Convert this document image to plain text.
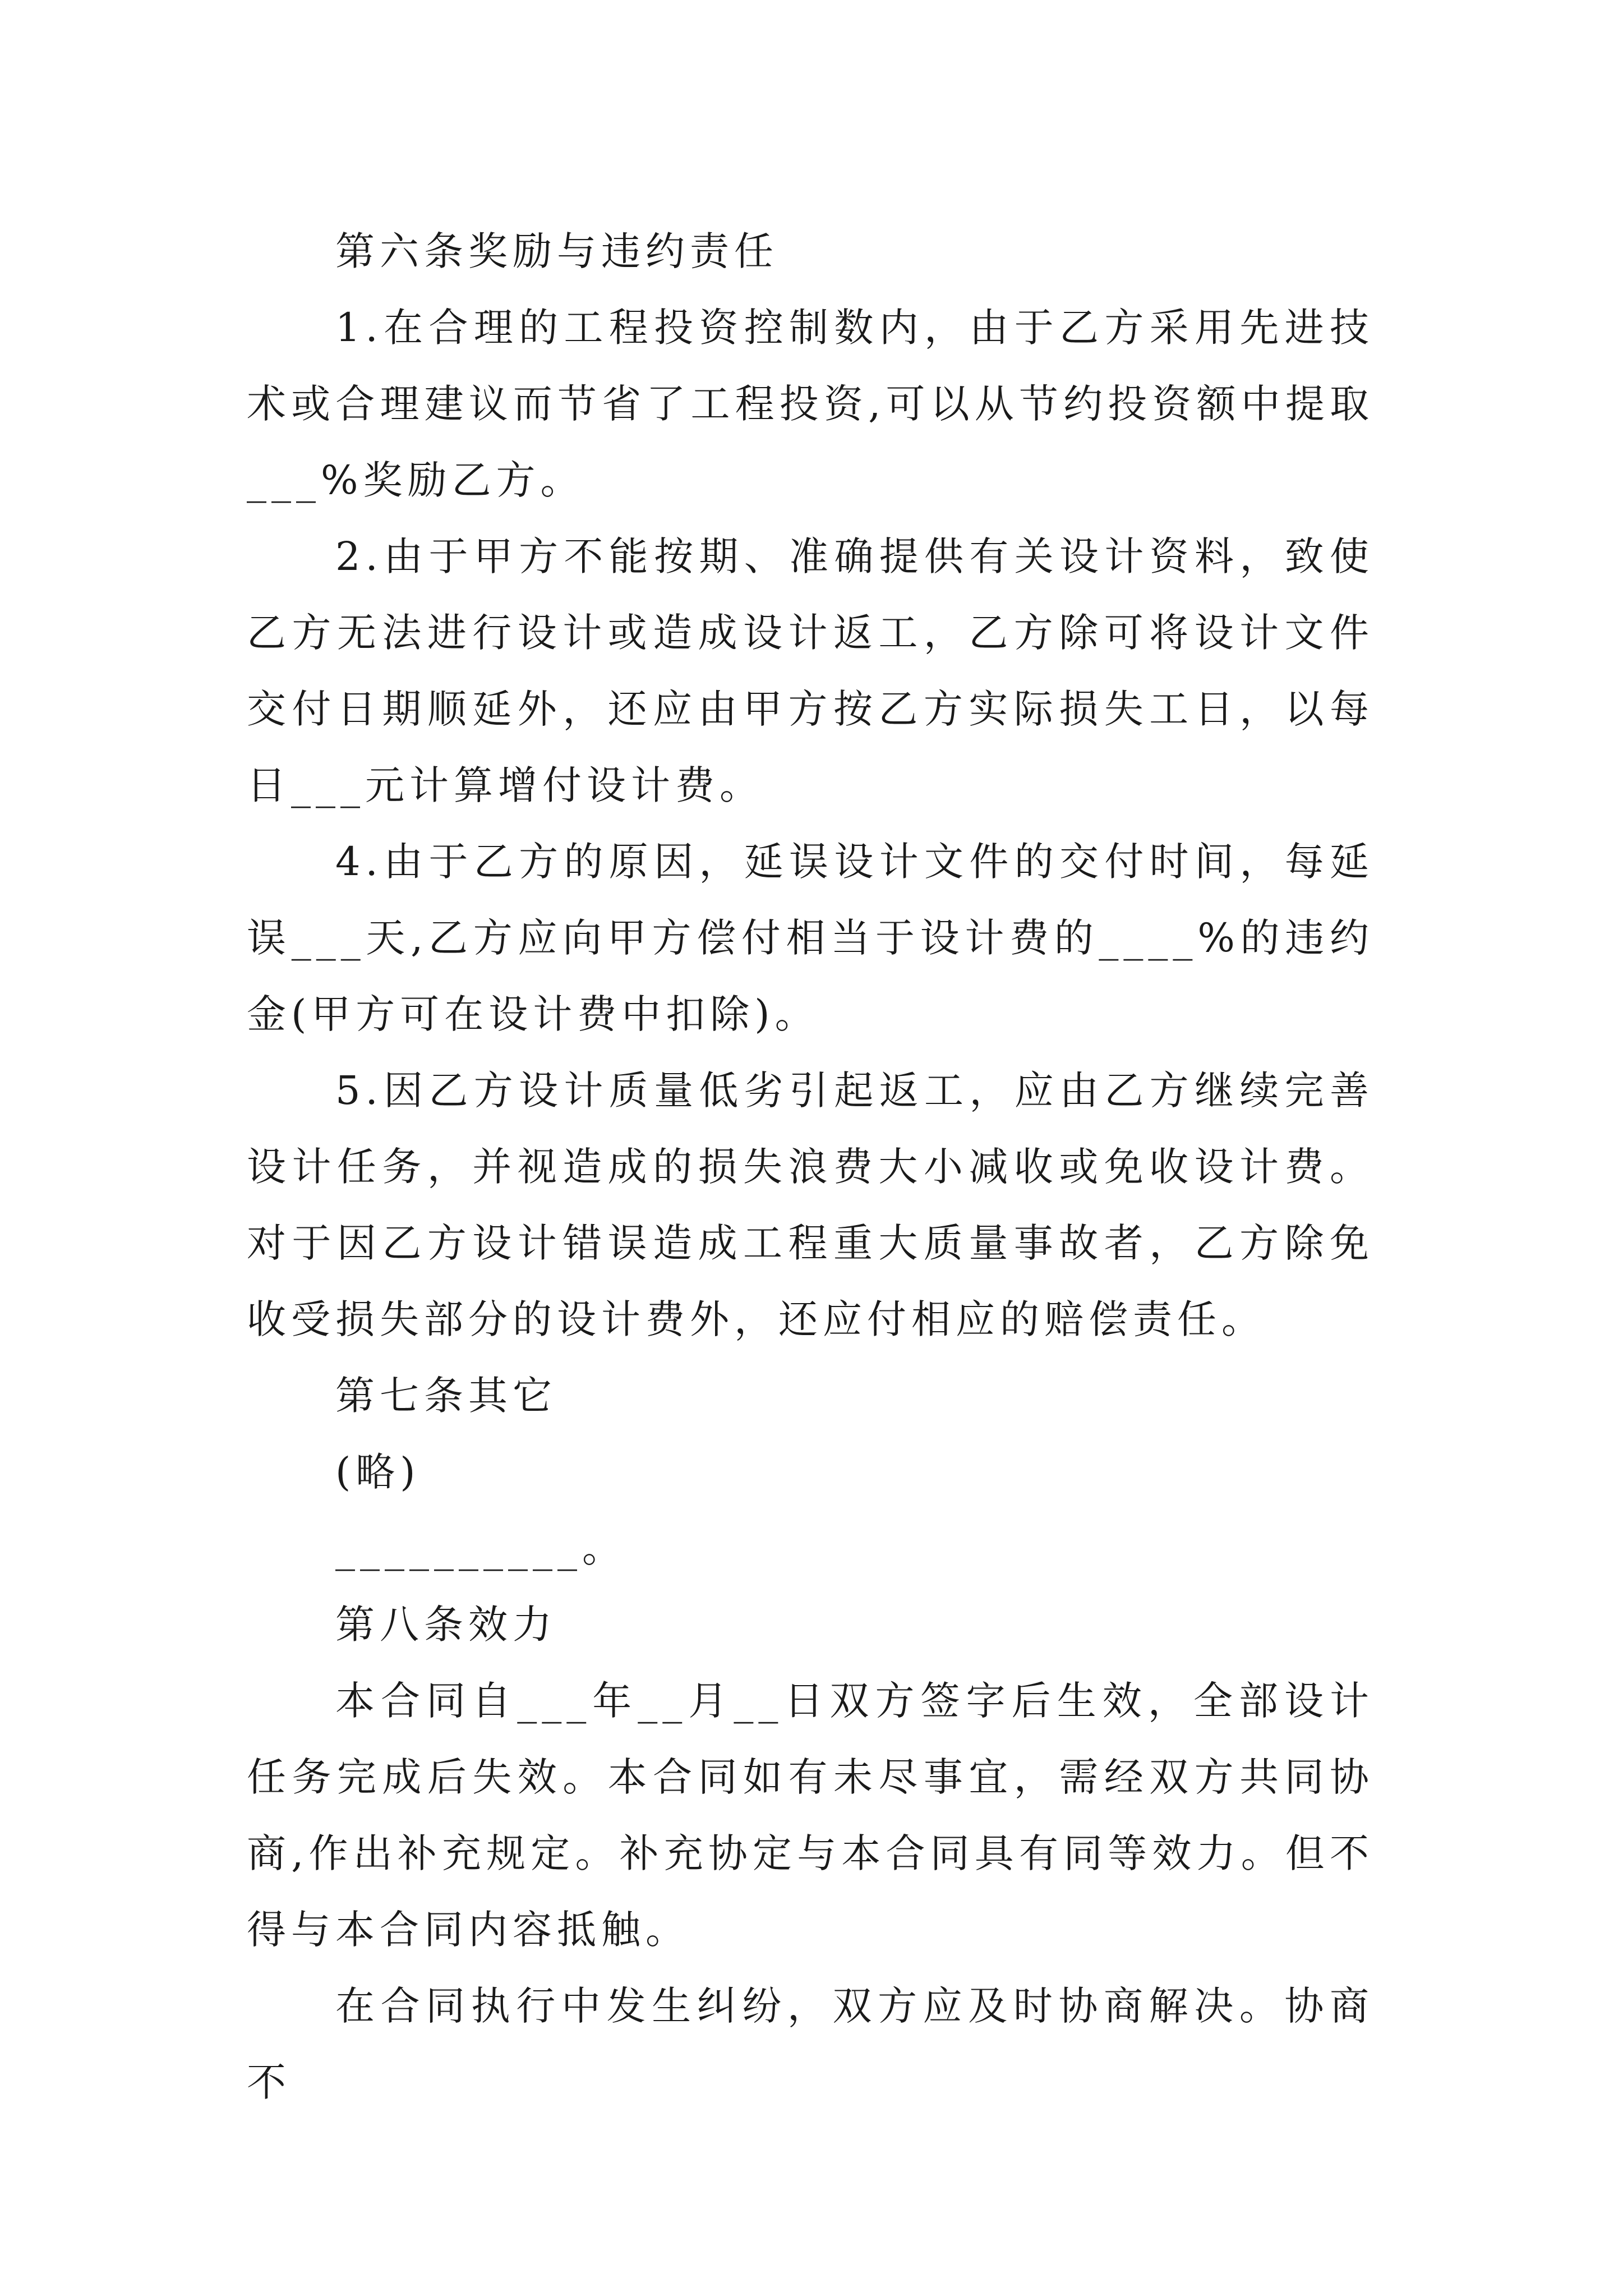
第六条奖励与违约责任

1.在合理的工程投资控制数内，由于乙方采用先进技术或合理建议而节省了工程投资,可以从节约投资额中提取___%奖励乙方。

2.由于甲方不能按期、准确提供有关设计资料，致使乙方无法进行设计或造成设计返工，乙方除可将设计文件交付日期顺延外，还应由甲方按乙方实际损失工日，以每日___元计算增付设计费。

4.由于乙方的原因，延误设计文件的交付时间，每延误___天,乙方应向甲方偿付相当于设计费的____%的违约金(甲方可在设计费中扣除)。

5.因乙方设计质量低劣引起返工，应由乙方继续完善设计任务，并视造成的损失浪费大小减收或免收设计费。对于因乙方设计错误造成工程重大质量事故者，乙方除免收受损失部分的设计费外，还应付相应的赔偿责任。

第七条其它

(略)

__________。

第八条效力

本合同自___年__月__日双方签字后生效，全部设计任务完成后失效。本合同如有未尽事宜，需经双方共同协商,作出补充规定。补充协定与本合同具有同等效力。但不得与本合同内容抵触。

在合同执行中发生纠纷，双方应及时协商解决。协商不
